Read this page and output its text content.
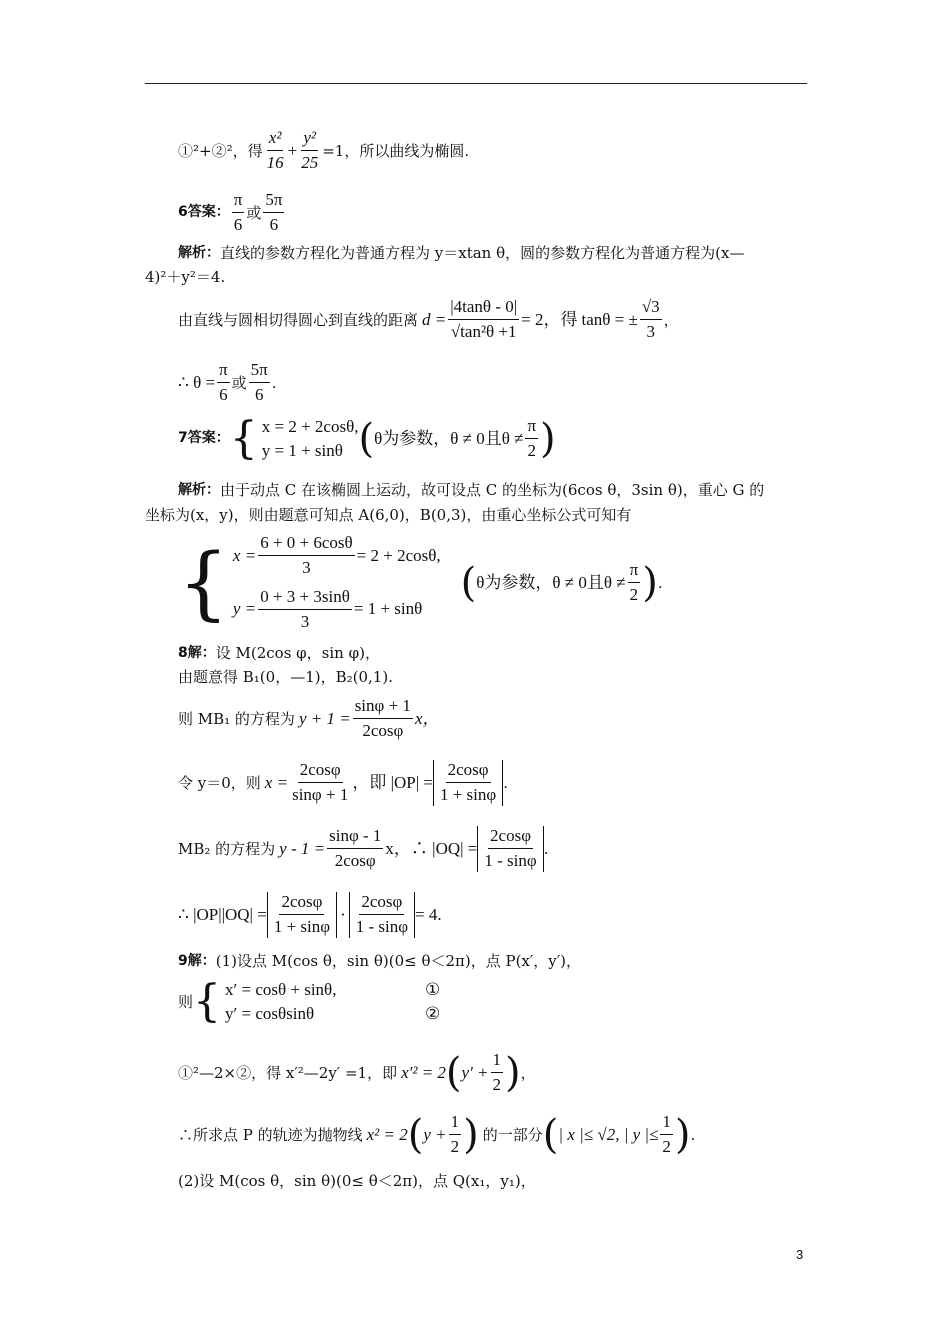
①²+②²，得 $\frac{\text{x²}}{16} + \frac{\text{y²}}{25} =1$，所以曲线为椭圆.
6答案： $\frac{\pi}{6}$ 或 $\frac{5\pi}{6}$
解析： 直线的参数方程化为普通方程为 y＝xtan θ，圆的参数方程化为普通方程为(x—
4)²＋y²＝4.
由直线与圆相切得圆心到直线的距离 $d = \frac{|4\tan\theta - 0|}{\text{√tan²θ +1}} = 2$，得 tanθ = ± $\frac{√3}{3}$ ，
∴ $\theta = \frac{\pi}{6}$ 或 $\frac{5\pi}{6}$ .
7答案： { x = 2 + 2cosθ,
y = 1 + sinθ ( θ为参数，θ ≠ 0且$\theta \ne \frac{\pi}{2}$ )
解析： 由于动点 C 在该椭圆上运动，故可设点 C 的坐标为(6cos θ，3sin θ)，重心 G 的
坐标为(x，y)，则由题意可知点 A(6,0)，B(0,3)，由重心坐标公式可知有
{ $x = \frac{6 + 0 + 6\cos\theta}{3} = 2 + 2\cos\theta$,
$y = \frac{0 + 3 + 3\sin\theta}{3} = 1 + \sin\theta$
( θ为参数，θ ≠ 0且$\theta \ne \frac{\pi}{2}$ ) .
8解： 设 M(2cos φ，sin φ)，
由题意得 B₁(0，—1)，B₂(0,1).
则 MB₁ 的方程为 $y + 1 = \frac{\sin\varphi + 1}{2\cos\varphi}$ x，
令 y＝0，则 $x = \frac{2\cos\varphi}{\sin\varphi + 1}$ ，即 $|OP| = \frac{2\cos\varphi}{1 + \sin\varphi}$ .
MB₂ 的方程为 $y - 1 = \frac{\sin\varphi - 1}{2\cos\varphi}$ x，∴ $|OQ| = \frac{2\cos\varphi}{1 - \sin\varphi}$ .
∴ $|OP||OQ| = \frac{2\cos\varphi}{1 + \sin\varphi} \cdot \frac{2\cos\varphi}{1 - \sin\varphi} = 4$.
9解： (1)设点 M(cos θ，sin θ)(0≤ θ＜2π)，点 P(x′，y′)，
则 { x′ = cosθ + sinθ,	①
y′ = cosθsinθ	②
①²—2×②，得 x′²—2y′ =1，即 x′² = 2 ( $y' + \frac{1}{2}$ ) ，
∴所求点 P 的轨迹为抛物线 x² = 2 ( $y + \frac{1}{2}$ ) 的一部分 ( | x |≤ √2, | y |≤ $\frac{1}{2}$ ) .
(2)设 M(cos θ，sin θ)(0≤ θ＜2π)，点 Q(x₁，y₁)，
3
